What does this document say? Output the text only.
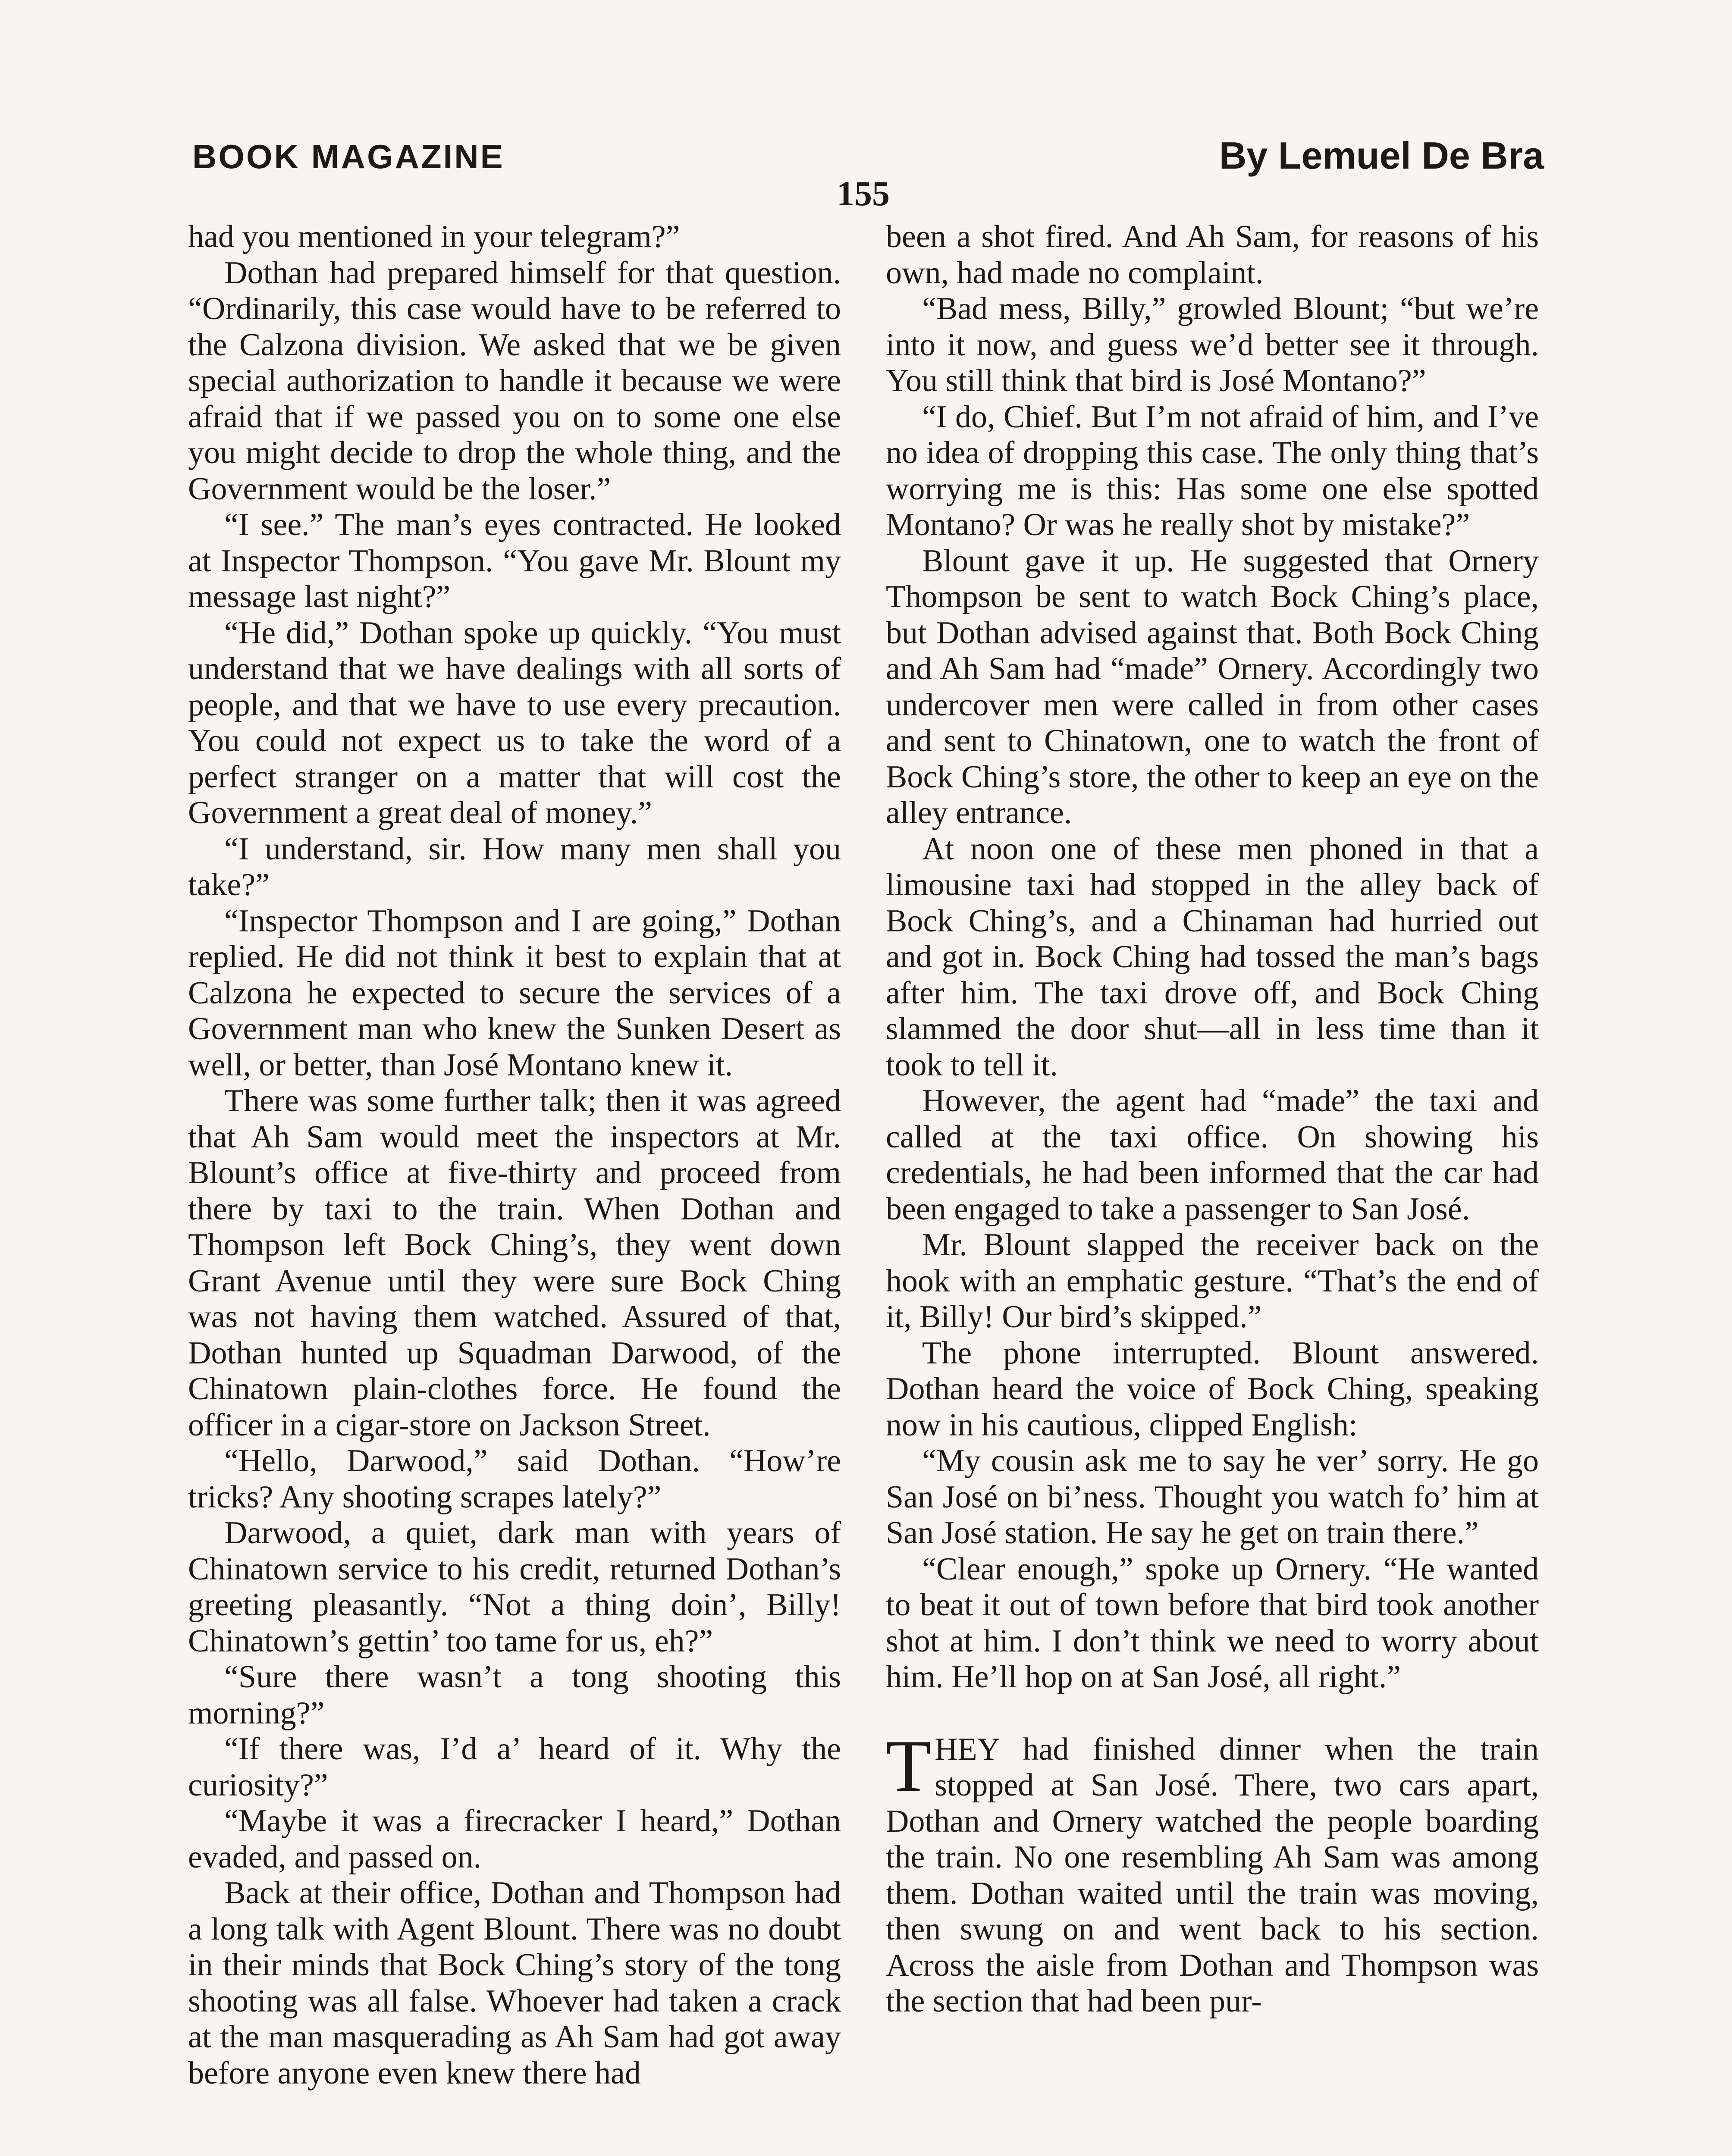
BOOK MAGAZINE
155
By Lemuel De Bra

had you mentioned in your telegram?”

Dothan had prepared himself for that question. “Ordinarily, this case would have to be referred to the Calzona division. We asked that we be given special authorization to handle it because we were afraid that if we passed you on to some one else you might decide to drop the whole thing, and the Government would be the loser.”

“I see.” The man’s eyes contracted. He looked at Inspector Thompson. “You gave Mr. Blount my message last night?”

“He did,” Dothan spoke up quickly. “You must understand that we have dealings with all sorts of people, and that we have to use every precaution. You could not expect us to take the word of a perfect stranger on a matter that will cost the Government a great deal of money.”

“I understand, sir. How many men shall you take?”

“Inspector Thompson and I are going,” Dothan replied. He did not think it best to explain that at Calzona he expected to secure the services of a Government man who knew the Sunken Desert as well, or better, than José Montano knew it.

There was some further talk; then it was agreed that Ah Sam would meet the inspectors at Mr. Blount’s office at five-thirty and proceed from there by taxi to the train. When Dothan and Thompson left Bock Ching’s, they went down Grant Avenue until they were sure Bock Ching was not having them watched. Assured of that, Dothan hunted up Squadman Darwood, of the Chinatown plain-clothes force. He found the officer in a cigar-store on Jackson Street.

“Hello, Darwood,” said Dothan. “How’re tricks? Any shooting scrapes lately?”

Darwood, a quiet, dark man with years of Chinatown service to his credit, returned Dothan’s greeting pleasantly. “Not a thing doin’, Billy! Chinatown’s gettin’ too tame for us, eh?”

“Sure there wasn’t a tong shooting this morning?”

“If there was, I’d a’ heard of it. Why the curiosity?”

“Maybe it was a firecracker I heard,” Dothan evaded, and passed on.

Back at their office, Dothan and Thompson had a long talk with Agent Blount. There was no doubt in their minds that Bock Ching’s story of the tong shooting was all false. Whoever had taken a crack at the man masquerading as Ah Sam had got away before anyone even knew there had

been a shot fired. And Ah Sam, for reasons of his own, had made no complaint.

“Bad mess, Billy,” growled Blount; “but we’re into it now, and guess we’d better see it through. You still think that bird is José Montano?”

“I do, Chief. But I’m not afraid of him, and I’ve no idea of dropping this case. The only thing that’s worrying me is this: Has some one else spotted Montano? Or was he really shot by mistake?”

Blount gave it up. He suggested that Ornery Thompson be sent to watch Bock Ching’s place, but Dothan advised against that. Both Bock Ching and Ah Sam had “made” Ornery. Accordingly two undercover men were called in from other cases and sent to Chinatown, one to watch the front of Bock Ching’s store, the other to keep an eye on the alley entrance.

At noon one of these men phoned in that a limousine taxi had stopped in the alley back of Bock Ching’s, and a Chinaman had hurried out and got in. Bock Ching had tossed the man’s bags after him. The taxi drove off, and Bock Ching slammed the door shut—all in less time than it took to tell it.

However, the agent had “made” the taxi and called at the taxi office. On showing his credentials, he had been informed that the car had been engaged to take a passenger to San José.

Mr. Blount slapped the receiver back on the hook with an emphatic gesture. “That’s the end of it, Billy! Our bird’s skipped.”

The phone interrupted. Blount answered. Dothan heard the voice of Bock Ching, speaking now in his cautious, clipped English:

“My cousin ask me to say he ver’ sorry. He go San José on bi’ness. Thought you watch fo’ him at San José station. He say he get on train there.”

“Clear enough,” spoke up Ornery. “He wanted to beat it out of town before that bird took another shot at him. I don’t think we need to worry about him. He’ll hop on at San José, all right.”

THEY had finished dinner when the train stopped at San José. There, two cars apart, Dothan and Ornery watched the people boarding the train. No one resembling Ah Sam was among them. Dothan waited until the train was moving, then swung on and went back to his section. Across the aisle from Dothan and Thompson was the section that had been pur-
